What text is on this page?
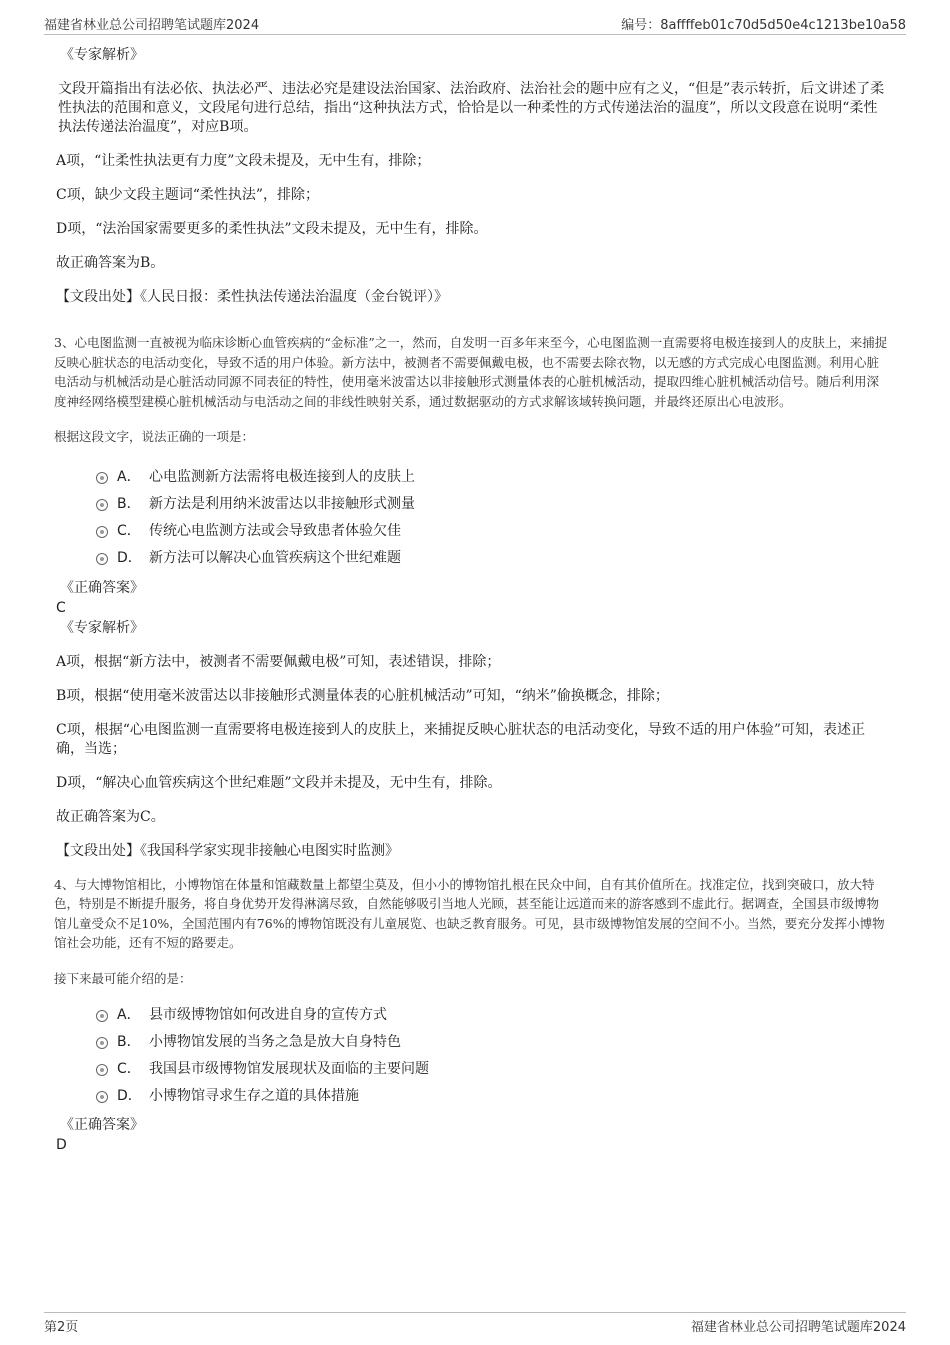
福建省林业总公司招聘笔试题库2024	编号：8affffeb01c70d5d50e4c1213be10a58

《专家解析》

文段开篇指出有法必依、执法必严、违法必究是建设法治国家、法治政府、法治社会的题中应有之义，“但是”表示转折，后文讲述了柔性执法的范围和意义，文段尾句进行总结，指出“这种执法方式，恰恰是以一种柔性的方式传递法治的温度”，所以文段意在说明“柔性执法传递法治温度”，对应B项。

A项，“让柔性执法更有力度”文段未提及，无中生有，排除；

C项，缺少文段主题词“柔性执法”，排除；

D项，“法治国家需要更多的柔性执法”文段未提及，无中生有，排除。

故正确答案为B。

【文段出处】《人民日报：柔性执法传递法治温度（金台锐评）》

3、心电图监测一直被视为临床诊断心血管疾病的“金标准”之一，然而，自发明一百多年来至今，心电图监测一直需要将电极连接到人的皮肤上，来捕捉反映心脏状态的电活动变化，导致不适的用户体验。新方法中，被测者不需要佩戴电极，也不需要去除衣物，以无感的方式完成心电图监测。利用心脏电活动与机械活动是心脏活动同源不同表征的特性，使用毫米波雷达以非接触形式测量体表的心脏机械活动，提取四维心脏机械活动信号。随后利用深度神经网络模型建模心脏机械活动与电活动之间的非线性映射关系，通过数据驱动的方式求解该域转换问题，并最终还原出心电波形。

根据这段文字，说法正确的一项是：

A． 心电监测新方法需将电极连接到人的皮肤上
B． 新方法是利用纳米波雷达以非接触形式测量
C． 传统心电监测方法或会导致患者体验欠佳
D． 新方法可以解决心血管疾病这个世纪难题

《正确答案》

C

《专家解析》

A项，根据“新方法中，被测者不需要佩戴电极”可知，表述错误，排除；

B项，根据“使用毫米波雷达以非接触形式测量体表的心脏机械活动”可知，“纳米”偷换概念，排除；

C项，根据“心电图监测一直需要将电极连接到人的皮肤上，来捕捉反映心脏状态的电活动变化，导致不适的用户体验”可知，表述正确，当选；

D项，“解决心血管疾病这个世纪难题”文段并未提及，无中生有，排除。

故正确答案为C。

【文段出处】《我国科学家实现非接触心电图实时监测》

4、与大博物馆相比，小博物馆在体量和馆藏数量上都望尘莫及，但小小的博物馆扎根在民众中间，自有其价值所在。找准定位，找到突破口，放大特色，特别是不断提升服务，将自身优势开发得淋漓尽致，自然能够吸引当地人光顾，甚至能让远道而来的游客感到不虚此行。据调查，全国县市级博物馆儿童受众不足10%，全国范围内有76%的博物馆既没有儿童展览、也缺乏教育服务。可见，县市级博物馆发展的空间不小。当然，要充分发挥小博物馆社会功能，还有不短的路要走。

接下来最可能介绍的是：

A． 县市级博物馆如何改进自身的宣传方式
B． 小博物馆发展的当务之急是放大自身特色
C． 我国县市级博物馆发展现状及面临的主要问题
D． 小博物馆寻求生存之道的具体措施

《正确答案》

D

第2页	福建省林业总公司招聘笔试题库2024
